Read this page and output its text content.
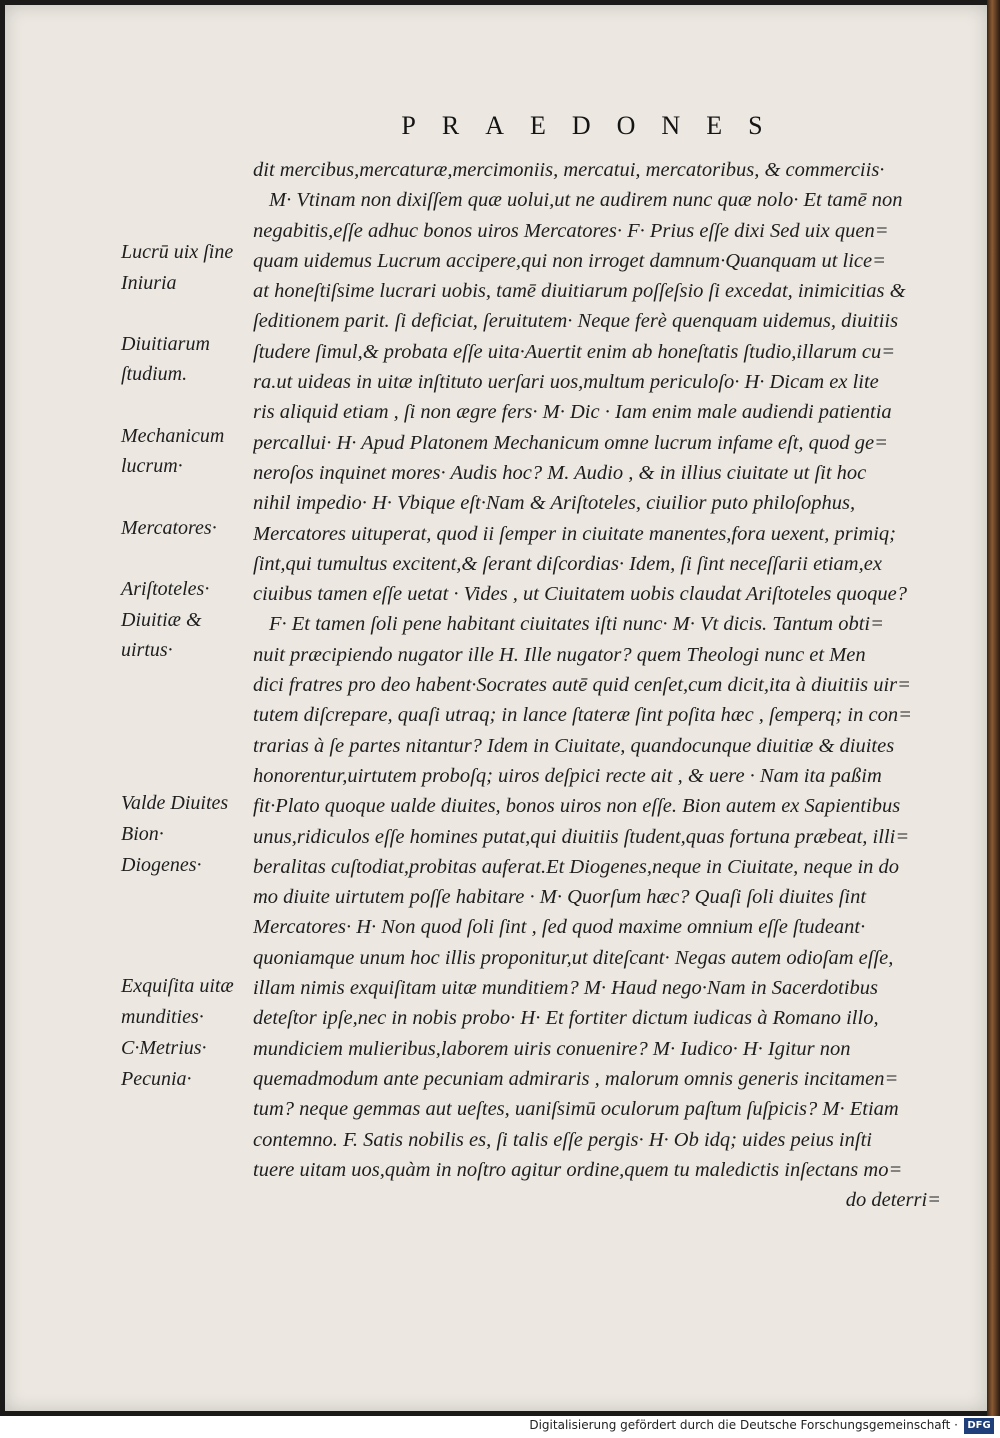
PRAEDONES
dit mercibus,mercaturæ,mercimoniis, mercatui, mercatoribus, & commerciis·
M· Vtinam non dixiſſem quæ uolui,ut ne audirem nunc quæ nolo· Et tamē non
negabitis,eſſe adhuc bonos uiros Mercatores· F· Prius eſſe dixi Sed uix quen=
quam uidemus Lucrum accipere,qui non irroget damnum·Quanquam ut lice=
at honeſtiſsime lucrari uobis, tamē diuitiarum poſſeſsio ſi excedat, inimicitias &
ſeditionem parit. ſi deficiat, ſeruitutem· Neque ferè quenquam uidemus, diuitiis
ſtudere ſimul,& probata eſſe uita·Auertit enim ab honeſtatis ſtudio,illarum cu=
ra.ut uideas in uitæ inſtituto uerſari uos,multum periculoſo· H· Dicam ex lite
ris aliquid etiam , ſi non ægre fers· M· Dic · Iam enim male audiendi patientia
percallui· H· Apud Platonem Mechanicum omne lucrum infame eſt, quod ge=
neroſos inquinet mores· Audis hoc? M. Audio , & in illius ciuitate ut ſit hoc
nihil impedio· H· Vbique eſt·Nam & Ariſtoteles, ciuilior puto philoſophus,
Mercatores uituperat, quod ii ſemper in ciuitate manentes,fora uexent, primiq;
ſint,qui tumultus excitent,& ſerant diſcordias· Idem, ſi ſint neceſſarii etiam,ex
ciuibus tamen eſſe uetat · Vides , ut Ciuitatem uobis claudat Ariſtoteles quoque?
F· Et tamen ſoli pene habitant ciuitates iſti nunc· M· Vt dicis. Tantum obti=
nuit præcipiendo nugator ille H. Ille nugator? quem Theologi nunc et Men
dici fratres pro deo habent·Socrates autē quid cenſet,cum dicit,ita à diuitiis uir=
tutem diſcrepare, quaſi utraq; in lance ſtateræ ſint poſita hæc , ſemperq; in con=
trarias à ſe partes nitantur? Idem in Ciuitate, quandocunque diuitiæ & diuites
honorentur,uirtutem proboſq; uiros deſpici recte ait , & uere · Nam ita paßim
fit·Plato quoque ualde diuites, bonos uiros non eſſe. Bion autem ex Sapientibus
unus,ridiculos eſſe homines putat,qui diuitiis ſtudent,quas fortuna præbeat, illi=
beralitas cuſtodiat,probitas auferat.Et Diogenes,neque in Ciuitate, neque in do
mo diuite uirtutem poſſe habitare · M· Quorſum hæc? Quaſi ſoli diuites ſint
Mercatores· H· Non quod ſoli ſint , ſed quod maxime omnium eſſe ſtudeant·
quoniamque unum hoc illis proponitur,ut diteſcant· Negas autem odioſam eſſe,
illam nimis exquiſitam uitæ munditiem? M· Haud nego·Nam in Sacerdotibus
deteſtor ipſe,nec in nobis probo· H· Et fortiter dictum iudicas à Romano illo,
mundiciem mulieribus,laborem uiris conuenire? M· Iudico· H· Igitur non
quemadmodum ante pecuniam admiraris , malorum omnis generis incitamen=
tum? neque gemmas aut ueſtes, uaniſsimū oculorum paſtum ſuſpicis? M· Etiam
contemno. F. Satis nobilis es, ſi talis eſſe pergis· H· Ob idq; uides peius inſti
tuere uitam uos,quàm in noſtro agitur ordine,quem tu maledictis inſectans mo=
do deterri=
Lucrū uix ſine
Iniuria
Diuitiarum
ſtudium.
Mechanicum
lucrum·
Mercatores·
Ariſtoteles·
Diuitiæ &
uirtus·
Valde Diuites
Bion·
Diogenes·
Exquiſita uitæ
mundities·
C·Metrius·
Pecunia·
Digitalisierung gefördert durch die Deutsche Forschungsgemeinschaft · DFG
